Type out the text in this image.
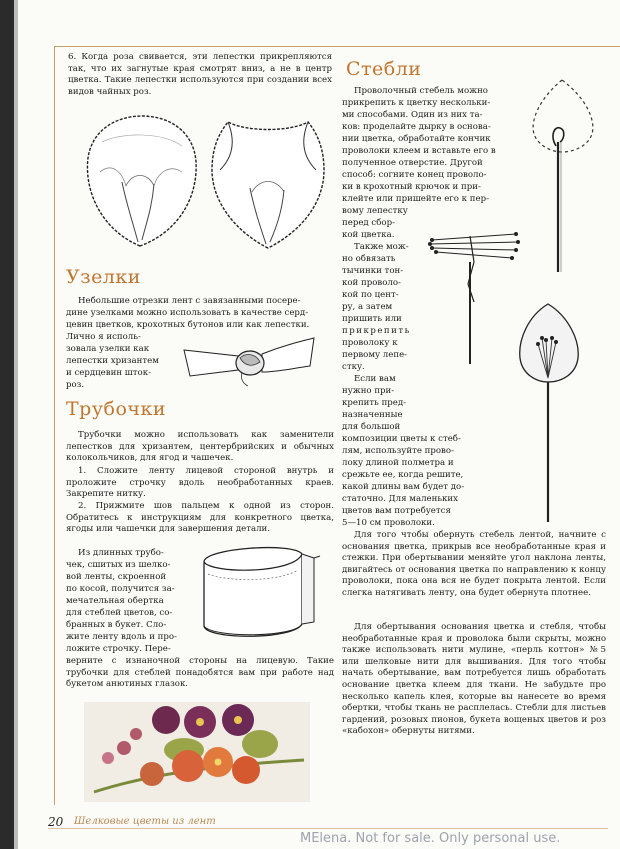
6. Когда роза свивается, эти лепестки прикрепляются так, что их загнутые края смотрят вниз, а не в центр цветка. Такие лепестки используются при создании всех видов чайных роз.

Узелки

Небольшие отрезки лент с завязанными посере-

дине узелками можно использовать в качестве серд-

цевин цветков, крохотных бутонов или как лепестки.

Лично я исполь-

зовала узелки как

лепестки хризантем

и сердцевин шток-

роз.

Трубочки

Трубочки можно использовать как заменители лепестков для хризантем, центербрийских и обычных колокольчиков, для ягод и чашечек.

1. Сложите ленту лицевой стороной внутрь и проложите строчку вдоль необработанных краев. Закрепите нитку.

2. Прижмите шов пальцем к одной из сторон. Обратитесь к инструкциям для конкретного цветка, ягоды или чашечки для завершения детали.

Из длинных трубо-

чек, сшитых из шелко-

вой ленты, скроенной

по косой, получится за-

мечательная обертка

для стеблей цветов, со-

бранных в букет. Сло-

жите ленту вдоль и про-

ложите строчку. Пере-

верните с изнаночной стороны на лицевую. Такие трубочки для стеблей понадобятся вам при работе над букетом анютиных глазок.

Стебли

Проволочный стебель можно

прикрепить к цветку нескольки-

ми способами. Один из них та-

ков: проделайте дырку в основа-

нии цветка, обработайте кончик

проволоки клеем и вставьте его в

полученное отверстие. Другой

способ: согните конец проволо-

ки в крохотный крючок и при-

клейте или пришейте его к пер-

вому лепестку

перед сбор-

кой цветка.

Также мож-

но обвязать

тычинки тон-

кой проволо-

кой по цент-

ру, а затем

пришить или

прикрепить

проволоку к

первому лепе-

стку.

Если вам

нужно при-

крепить пред-

назначенные

для большой

композиции цветы к стеб-

лям, используйте прово-

локу длиной полметра и

срежьте ее, когда решите,

какой длины вам будет до-

статочно. Для маленьких

цветов вам потребуется

5—10 см проволоки.

Для того чтобы обернуть стебель лентой, начните с основания цветка, прикрыв все необработанные края и стежки. При обертывании меняйте угол наклона ленты, двигайтесь от основания цветка по направлению к концу проволоки, пока она вся не будет покрыта лентой. Если слегка натягивать ленту, она будет обернута плотнее.

Для обертывания основания цветка и стебля, чтобы необработанные края и проволока были скрыты, можно также использовать нити мулине, «перль коттон» №5 или шелковые нити для вышивания. Для того чтобы начать обертывание, вам потребуется лишь обработать основание цветка клеем для ткани. Не забудьте про несколько капель клея, которые вы нанесете во время обертки, чтобы ткань не расплелась. Стебли для листьев гардений, розовых пионов, букета вощеных цветов и роз «кабохон» обернуты нитями.

20 Шелковые цветы из лент
MElena. Not for sale. Only personal use.
